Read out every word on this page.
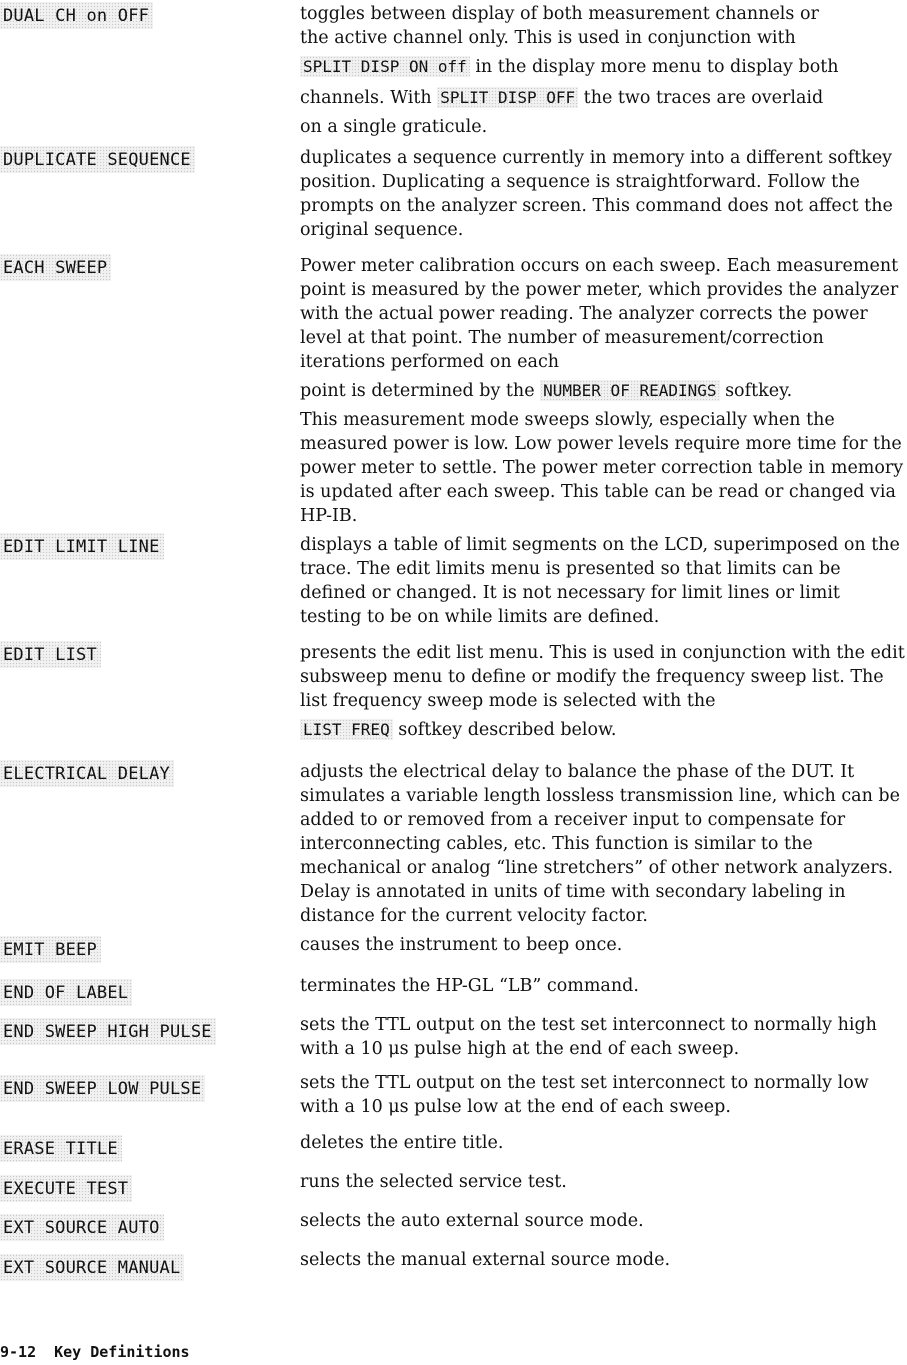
DUAL CH on OFF	toggles between display of both measurement channels or

the active channel only. This is used in conjunction with

SPLIT DISP ON off in the display more menu to display both

channels. With SPLIT DISP OFF the two traces are overlaid

on a single graticule.

DUPLICATE SEQUENCE	duplicates a sequence currently in memory into a different softkey position. Duplicating a sequence is straightforward. Follow the prompts on the analyzer screen. This command does not affect the original sequence.

EACH SWEEP	Power meter calibration occurs on each sweep. Each measurement point is measured by the power meter, which provides the analyzer with the actual power reading. The analyzer corrects the power level at that point. The number of measurement/correction iterations performed on each

point is determined by the NUMBER OF READINGS softkey.

This measurement mode sweeps slowly, especially when the measured power is low. Low power levels require more time for the power meter to settle. The power meter correction table in memory is updated after each sweep. This table can be read or changed via HP-IB.

EDIT LIMIT LINE	displays a table of limit segments on the LCD, superimposed on the trace. The edit limits menu is presented so that limits can be defined or changed. It is not necessary for limit lines or limit testing to be on while limits are defined.

EDIT LIST	presents the edit list menu. This is used in conjunction with the edit subsweep menu to define or modify the frequency sweep list. The list frequency sweep mode is selected with the

LIST FREQ softkey described below.

ELECTRICAL DELAY	adjusts the electrical delay to balance the phase of the DUT. It simulates a variable length lossless transmission line, which can be added to or removed from a receiver input to compensate for interconnecting cables, etc. This function is similar to the mechanical or analog “line stretchers” of other network analyzers. Delay is annotated in units of time with secondary labeling in distance for the current velocity factor.

EMIT BEEP	causes the instrument to beep once.

END OF LABEL	terminates the HP-GL “LB” command.

END SWEEP HIGH PULSE	sets the TTL output on the test set interconnect to normally high with a 10 μs pulse high at the end of each sweep.

END SWEEP LOW PULSE	sets the TTL output on the test set interconnect to normally low with a 10 μs pulse low at the end of each sweep.

ERASE TITLE	deletes the entire title.

EXECUTE TEST	runs the selected service test.

EXT SOURCE AUTO	selects the auto external source mode.

EXT SOURCE MANUAL	selects the manual external source mode.

9-12 Key Definitions
